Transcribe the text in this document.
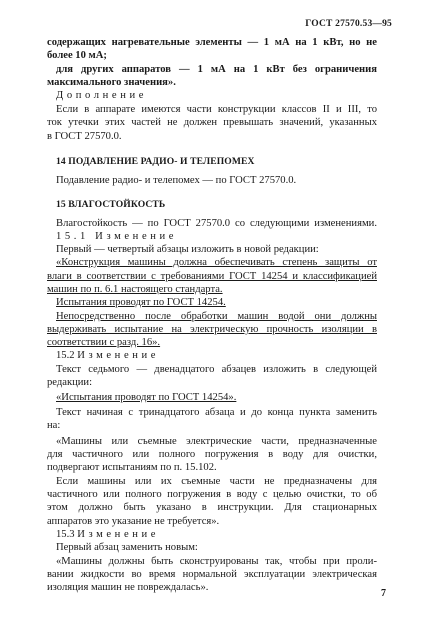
ГОСТ 27570.53—95
содержащих нагревательные элементы — 1 мА на 1 кВт, но не
более 10 мА;
для других аппаратов — 1 мА на 1 кВт без ограничения
максимального значения».
Дополнение
Если в аппарате имеются части конструкции классов II и III, то
ток утечки этих частей не должен превышать значений, указанных
в ГОСТ 27570.0.
14 ПОДАВЛЕНИЕ РАДИО- И ТЕЛЕПОМЕХ
Подавление радио- и телепомех — по ГОСТ 27570.0.
15 ВЛАГОСТОЙКОСТЬ
Влагостойкость — по ГОСТ 27570.0 со следующими изменениями.
15.1 Изменение
Первый — четвертый абзацы изложить в новой редакции:
«Конструкция машины должна обеспечивать степень защиты от
влаги в соответствии с требованиями ГОСТ 14254 и классификацией
машин по п. 6.1 настоящего стандарта.
Испытания проводят по ГОСТ 14254.
Непосредственно после обработки машин водой они должны
выдерживать испытание на электрическую прочность изоляции в
соответствии с разд. 16».
15.2 Изменение
Текст седьмого — двенадцатого абзацев изложить в следующей
редакции:
«Испытания проводят по ГОСТ 14254».
Текст начиная с тринадцатого абзаца и до конца пункта заменить
на:
«Машины или съемные электрические части, предназначенные
для частичного или полного погружения в воду для очистки,
подвергают испытаниям по п. 15.102.
Если машины или их съемные части не предназначены для
частичного или полного погружения в воду с целью очистки, то об
этом должно быть указано в инструкции. Для стационарных
аппаратов это указание не требуется».
15.3 Изменение
Первый абзац заменить новым:
«Машины должны быть сконструированы так, чтобы при проли-
вании жидкости во время нормальной эксплуатации электрическая
изоляция машин не повреждалась».
7
